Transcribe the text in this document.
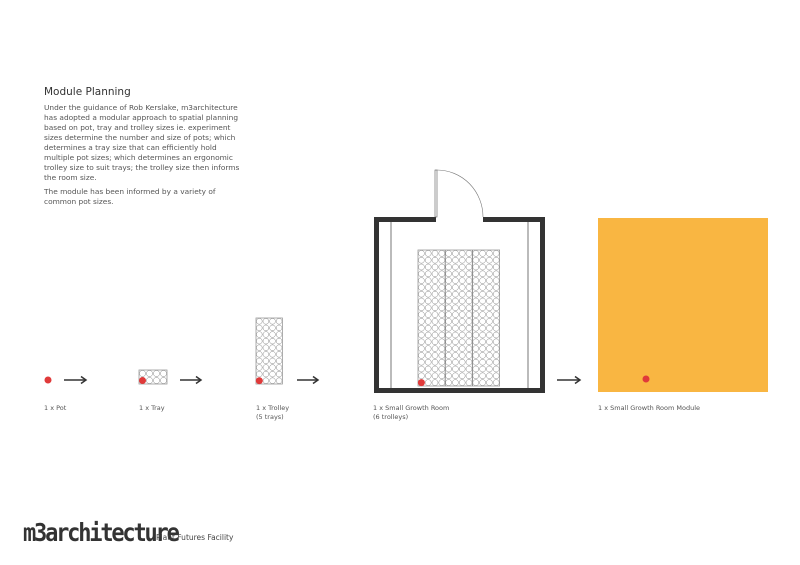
Module Planning

Under the guidance of Rob Kerslake, m3architecture has adopted a modular approach to spatial planning based on pot, tray and trolley sizes ie. experiment sizes determine the number and size of pots; which determines a tray size that can efficiently hold multiple pot sizes; which determines an ergonomic trolley size to suit trays; the trolley size then informs the room size.

The module has been informed by a variety of common pot sizes.

1 x Pot	1 x Tray	1 x Trolley
(5 trays)
1 x Small Growth Room
(6 trolleys)
1 x Small Growth Room Module
m3architecture
Plant Futures Facility
